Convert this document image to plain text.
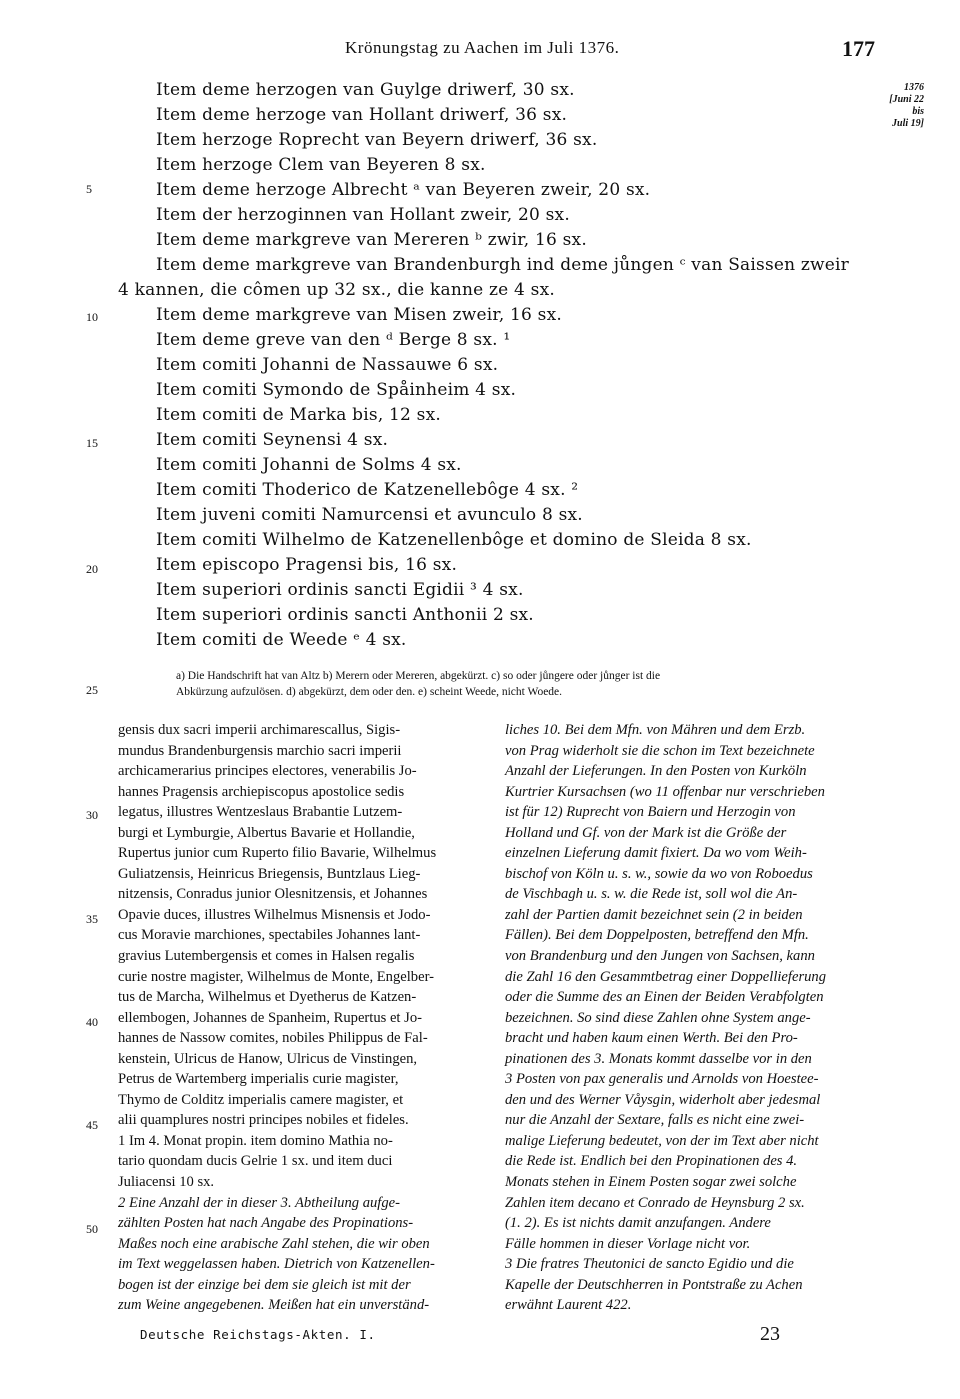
Krönungstag zu Aachen im Juli 1376.	177
1376
[Juni 22
bis
Juli 19]
5
10
15
20
25
30
35
40
45
50
Item deme herzogen van Guylge driwerf, 30 sx.
Item deme herzoge van Hollant driwerf, 36 sx.
Item herzoge Roprecht van Beyern driwerf, 36 sx.
Item herzoge Clem van Beyeren 8 sx.
Item deme herzoge Albrecht ᵃ van Beyeren zweir, 20 sx.
Item der herzoginnen van Hollant zweir, 20 sx.
Item deme markgreve van Mereren ᵇ zwir, 16 sx.
Item deme markgreve van Brandenburgh ind deme jůngen ᶜ van Saissen zweir
4 kannen, die cômen up 32 sx., die kanne ze 4 sx.
Item deme markgreve van Misen zweir, 16 sx.
Item deme greve van den ᵈ Berge 8 sx. ¹
Item comiti Johanni de Nassauwe 6 sx.
Item comiti Symondo de Spåinheim 4 sx.
Item comiti de Marka bis, 12 sx.
Item comiti Seynensi 4 sx.
Item comiti Johanni de Solms 4 sx.
Item comiti Thoderico de Katzenellebôge 4 sx. ²
Item juveni comiti Namurcensi et avunculo 8 sx.
Item comiti Wilhelmo de Katzenellenbôge et domino de Sleida 8 sx.
Item episcopo Pragensi bis, 16 sx.
Item superiori ordinis sancti Egidii ³ 4 sx.
Item superiori ordinis sancti Anthonii 2 sx.
Item comiti de Weede ᵉ 4 sx.
a) Die Handschrift hat van Altz b) Merern oder Mereren, abgekürzt. c) so oder jůngere oder jůnger ist die
Abkürzung aufzulösen. d) abgekürzt, dem oder den. e) scheint Weede, nicht Woede.
gensis dux sacri imperii archimarescallus, Sigis-
mundus Brandenburgensis marchio sacri imperii
archicamerarius principes electores, venerabilis Jo-
hannes Pragensis archiepiscopus apostolice sedis
legatus, illustres Wentzeslaus Brabantie Lutzem-
burgi et Lymburgie, Albertus Bavarie et Hollandie,
Rupertus junior cum Ruperto filio Bavarie, Wilhelmus
Guliatzensis, Heinricus Briegensis, Buntzlaus Lieg-
nitzensis, Conradus junior Olesnitzensis, et Johannes
Opavie duces, illustres Wilhelmus Misnensis et Jodo-
cus Moravie marchiones, spectabiles Johannes lant-
gravius Lutembergensis et comes in Halsen regalis
curie nostre magister, Wilhelmus de Monte, Engelber-
tus de Marcha, Wilhelmus et Dyetherus de Katzen-
ellembogen, Johannes de Spanheim, Rupertus et Jo-
hannes de Nassow comites, nobiles Philippus de Fal-
kenstein, Ulricus de Hanow, Ulricus de Vinstingen,
Petrus de Wartemberg imperialis curie magister,
Thymo de Colditz imperialis camere magister, et
alii quamplures nostri principes nobiles et fideles.
1 Im 4. Monat propin. item domino Mathia no-
tario quondam ducis Gelrie 1 sx. und item duci
Juliacensi 10 sx.
2 Eine Anzahl der in dieser 3. Abtheilung aufge-
zählten Posten hat nach Angabe des Propinations-
Maßes noch eine arabische Zahl stehen, die wir oben
im Text weggelassen haben. Dietrich von Katzenellen-
bogen ist der einzige bei dem sie gleich ist mit der
zum Weine angegebenen. Meißen hat ein unverständ-
liches 10. Bei dem Mfn. von Mähren und dem Erzb.
von Prag widerholt sie die schon im Text bezeichnete
Anzahl der Lieferungen. In den Posten von Kurköln
Kurtrier Kursachsen (wo 11 offenbar nur verschrieben
ist für 12) Ruprecht von Baiern und Herzogin von
Holland und Gf. von der Mark ist die Größe der
einzelnen Lieferung damit fixiert. Da wo vom Weih-
bischof von Köln u. s. w., sowie da wo von Roboedus
de Vischbagh u. s. w. die Rede ist, soll wol die An-
zahl der Partien damit bezeichnet sein (2 in beiden
Fällen). Bei dem Doppelposten, betreffend den Mfn.
von Brandenburg und den Jungen von Sachsen, kann
die Zahl 16 den Gesammtbetrag einer Doppellieferung
oder die Summe des an Einen der Beiden Verabfolgten
bezeichnen. So sind diese Zahlen ohne System ange-
bracht und haben kaum einen Werth. Bei den Pro-
pinationen des 3. Monats kommt dasselbe vor in den
3 Posten von pax generalis und Arnolds von Hoestee-
den und des Werner Våysgin, widerholt aber jedesmal
nur die Anzahl der Sextare, falls es nicht eine zwei-
malige Lieferung bedeutet, von der im Text aber nicht
die Rede ist. Endlich bei den Propinationen des 4.
Monats stehen in Einem Posten sogar zwei solche
Zahlen item decano et Conrado de Heynsburg 2 sx.
(1. 2). Es ist nichts damit anzufangen. Andere
Fälle hommen in dieser Vorlage nicht vor.
3 Die fratres Theutonici de sancto Egidio und die
Kapelle der Deutschherren in Pontstraße zu Achen
erwähnt Laurent 422.
Deutsche Reichstags-Akten. I.	23
